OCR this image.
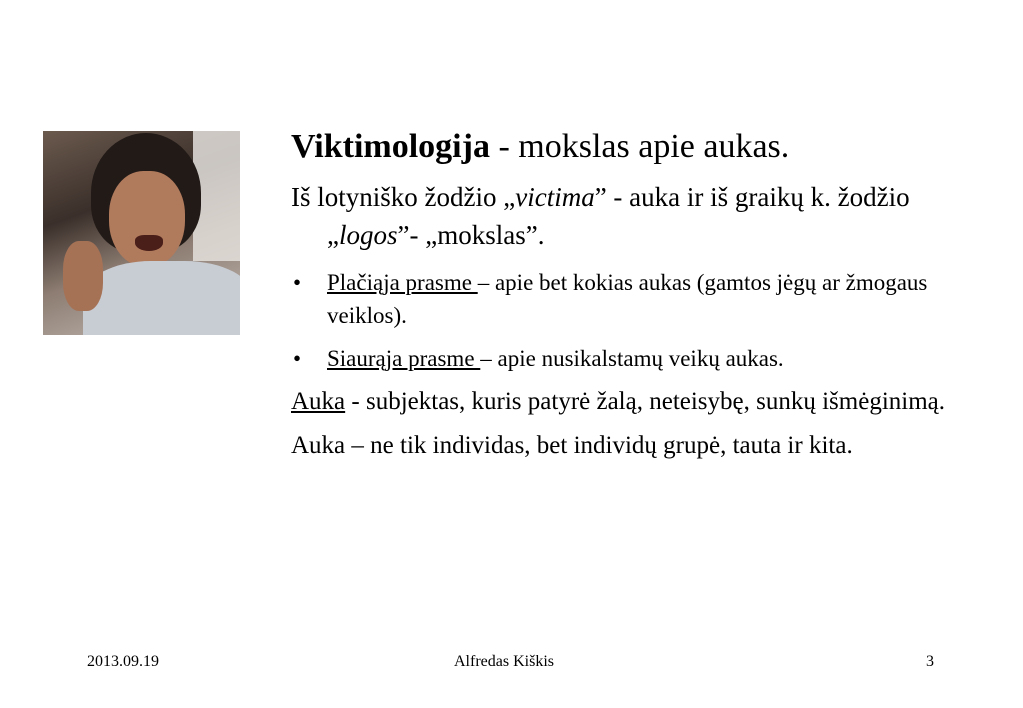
Viktimologija - mokslas apie aukas.

Iš lotyniško žodžio „victima” - auka ir iš graikų k. žodžio „logos”- „mokslas”.

• Plačiąja prasme – apie bet kokias aukas (gamtos jėgų ar žmogaus veiklos).

• Siaurąja prasme – apie nusikalstamų veikų aukas.

Auka - subjektas, kuris patyrė žalą, neteisybę, sunkų išmėginimą.

Auka – ne tik individas, bet individų grupė, tauta ir kita.

2013.09.19	Alfredas Kiškis	3
